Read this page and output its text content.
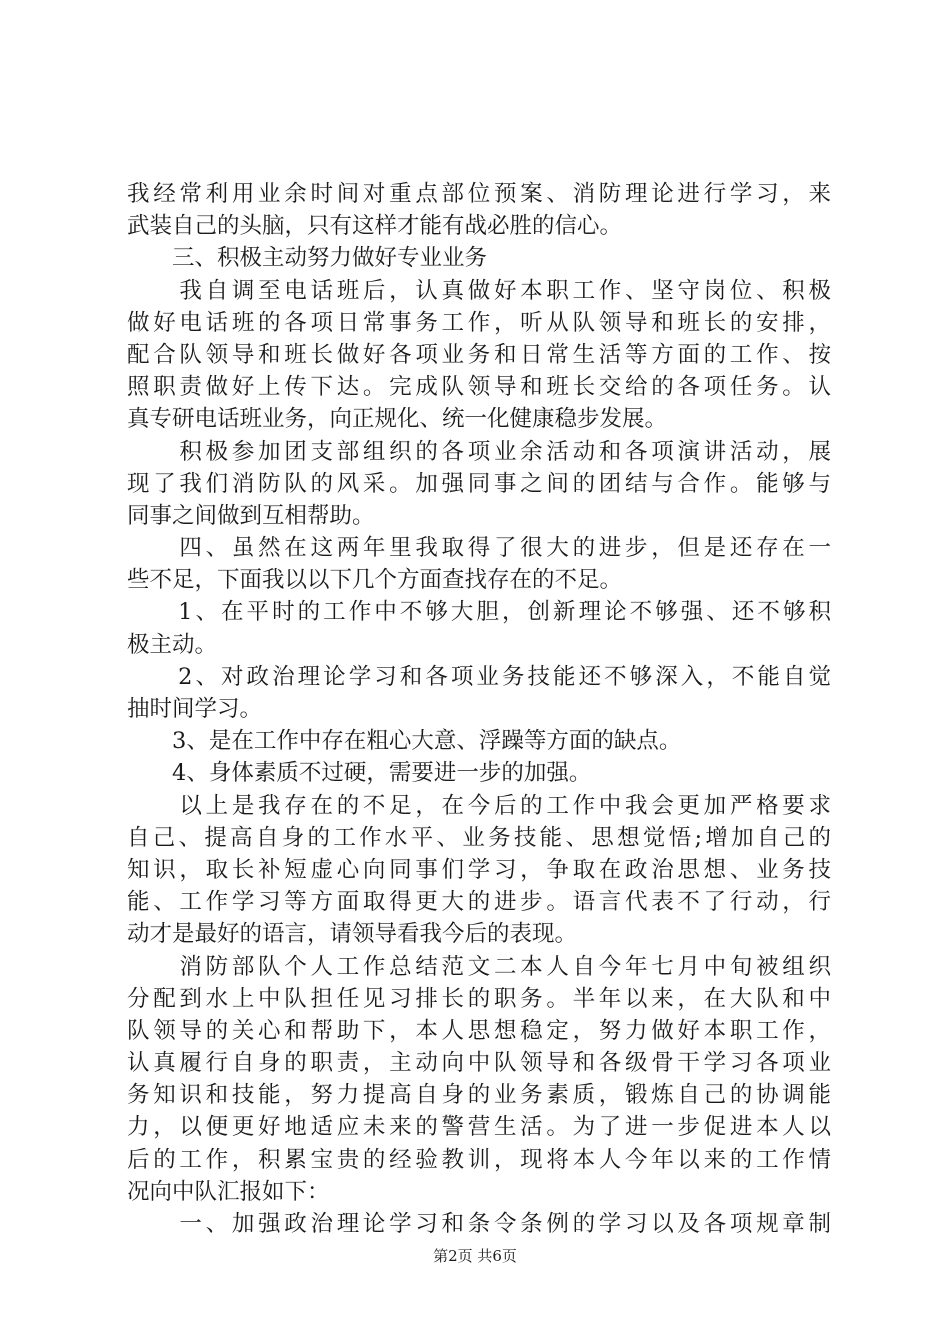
我经常利用业余时间对重点部位预案、消防理论进行学习，来
武装自己的头脑，只有这样才能有战必胜的信心。
　　三、积极主动努力做好专业业务
　　我自调至电话班后，认真做好本职工作、坚守岗位、积极
做好电话班的各项日常事务工作，听从队领导和班长的安排，
配合队领导和班长做好各项业务和日常生活等方面的工作、按
照职责做好上传下达。完成队领导和班长交给的各项任务。认
真专研电话班业务，向正规化、统一化健康稳步发展。
　　积极参加团支部组织的各项业余活动和各项演讲活动，展
现了我们消防队的风采。加强同事之间的团结与合作。能够与
同事之间做到互相帮助。
　　四、虽然在这两年里我取得了很大的进步，但是还存在一
些不足，下面我以以下几个方面查找存在的不足。
　　1、在平时的工作中不够大胆，创新理论不够强、还不够积
极主动。
　　2、对政治理论学习和各项业务技能还不够深入，不能自觉
抽时间学习。
　　3、是在工作中存在粗心大意、浮躁等方面的缺点。
　　4、身体素质不过硬，需要进一步的加强。
　　以上是我存在的不足，在今后的工作中我会更加严格要求
自己、提高自身的工作水平、业务技能、思想觉悟;增加自己的
知识，取长补短虚心向同事们学习，争取在政治思想、业务技
能、工作学习等方面取得更大的进步。语言代表不了行动，行
动才是最好的语言，请领导看我今后的表现。
　　消防部队个人工作总结范文二本人自今年七月中旬被组织
分配到水上中队担任见习排长的职务。半年以来，在大队和中
队领导的关心和帮助下，本人思想稳定，努力做好本职工作，
认真履行自身的职责，主动向中队领导和各级骨干学习各项业
务知识和技能，努力提高自身的业务素质，锻炼自己的协调能
力，以便更好地适应未来的警营生活。为了进一步促进本人以
后的工作，积累宝贵的经验教训，现将本人今年以来的工作情
况向中队汇报如下：
　　一、加强政治理论学习和条令条例的学习以及各项规章制
第2页 共6页
